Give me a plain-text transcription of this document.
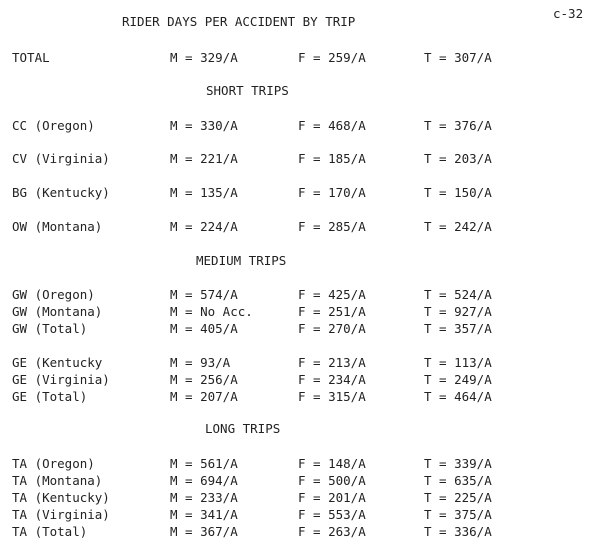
RIDER DAYS PER ACCIDENT BY TRIP
c-32
TOTAL	M = 329/A	F = 259/A	T = 307/A
SHORT TRIPS
CC (Oregon)	M = 330/A	F = 468/A	T = 376/A
CV (Virginia)	M = 221/A	F = 185/A	T = 203/A
BG (Kentucky)	M = 135/A	F = 170/A	T = 150/A
OW (Montana)	M = 224/A	F = 285/A	T = 242/A
MEDIUM TRIPS
GW (Oregon)	M = 574/A	F = 425/A	T = 524/A
GW (Montana)	M = No Acc.	F = 251/A	T = 927/A
GW (Total)	M = 405/A	F = 270/A	T = 357/A
GE (Kentucky	M = 93/A	F = 213/A	T = 113/A
GE (Virginia)	M = 256/A	F = 234/A	T = 249/A
GE (Total)	M = 207/A	F = 315/A	T = 464/A
LONG TRIPS
TA (Oregon)	M = 561/A	F = 148/A	T = 339/A
TA (Montana)	M = 694/A	F = 500/A	T = 635/A
TA (Kentucky)	M = 233/A	F = 201/A	T = 225/A
TA (Virginia)	M = 341/A	F = 553/A	T = 375/A
TA (Total)	M = 367/A	F = 263/A	T = 336/A
